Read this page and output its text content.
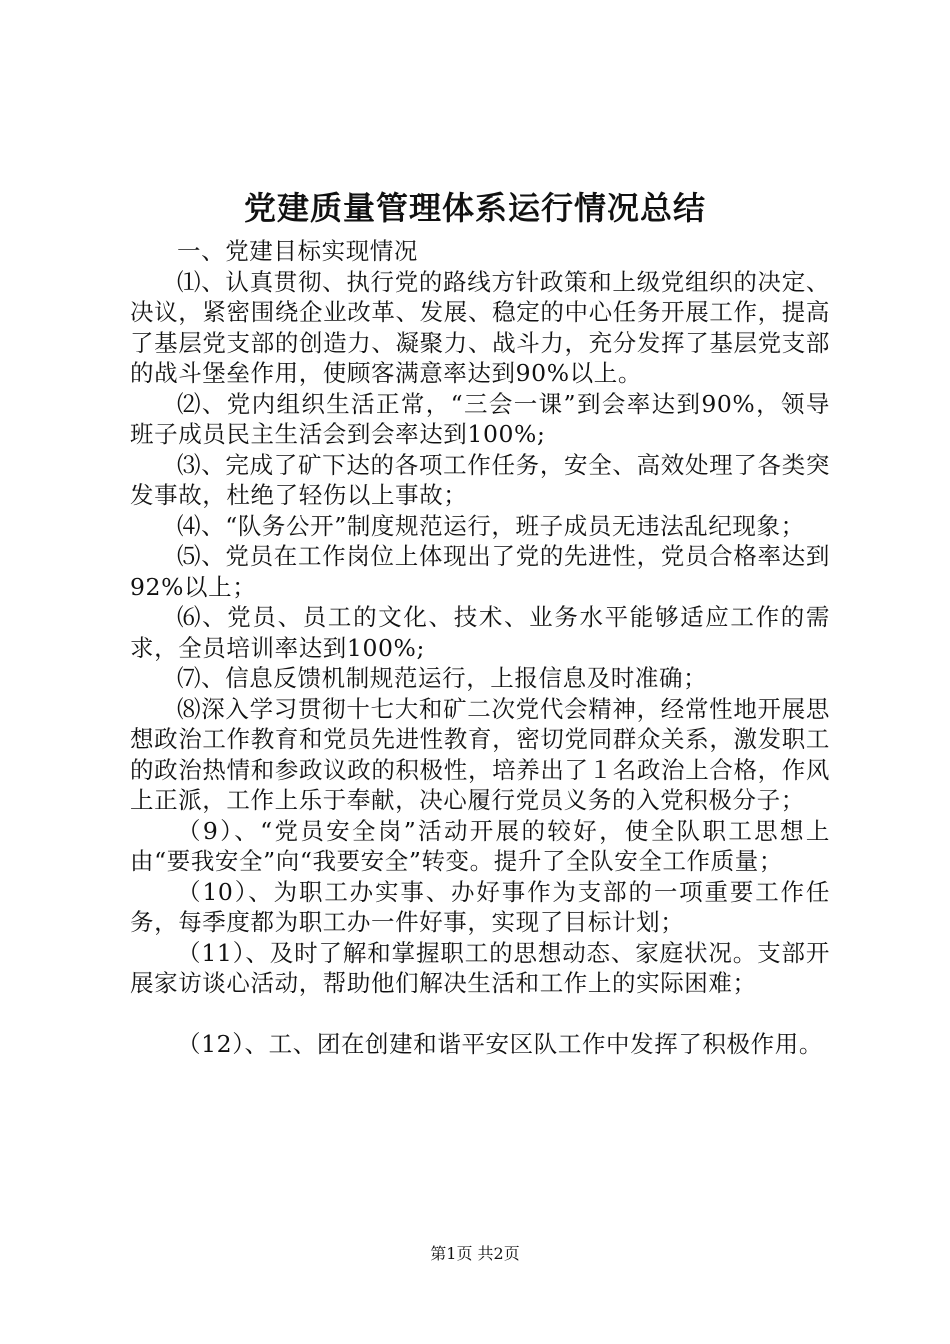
党建质量管理体系运行情况总结

一、党建目标实现情况

⑴、认真贯彻、执行党的路线方针政策和上级党组织的决定、决议，紧密围绕企业改革、发展、稳定的中心任务开展工作，提高了基层党支部的创造力、凝聚力、战斗力，充分发挥了基层党支部的战斗堡垒作用，使顾客满意率达到90%以上。

⑵、党内组织生活正常，“三会一课”到会率达到90%，领导班子成员民主生活会到会率达到100%;

⑶、完成了矿下达的各项工作任务，安全、高效处理了各类突发事故，杜绝了轻伤以上事故；

⑷、“队务公开”制度规范运行，班子成员无违法乱纪现象；

⑸、党员在工作岗位上体现出了党的先进性，党员合格率达到92%以上；

⑹、党员、员工的文化、技术、业务水平能够适应工作的需求，全员培训率达到100%;

⑺、信息反馈机制规范运行，上报信息及时准确；

⑻深入学习贯彻十七大和矿二次党代会精神，经常性地开展思想政治工作教育和党员先进性教育，密切党同群众关系，激发职工的政治热情和参政议政的积极性，培养出了１名政治上合格，作风上正派，工作上乐于奉献，决心履行党员义务的入党积极分子；

（9）、“党员安全岗”活动开展的较好，使全队职工思想上由“要我安全”向“我要安全”转变。提升了全队安全工作质量；

（10）、为职工办实事、办好事作为支部的一项重要工作任务，每季度都为职工办一件好事，实现了目标计划；

（11）、及时了解和掌握职工的思想动态、家庭状况。支部开展家访谈心活动，帮助他们解决生活和工作上的实际困难；

（12）、工、团在创建和谐平安区队工作中发挥了积极作用。

第1页 共2页
